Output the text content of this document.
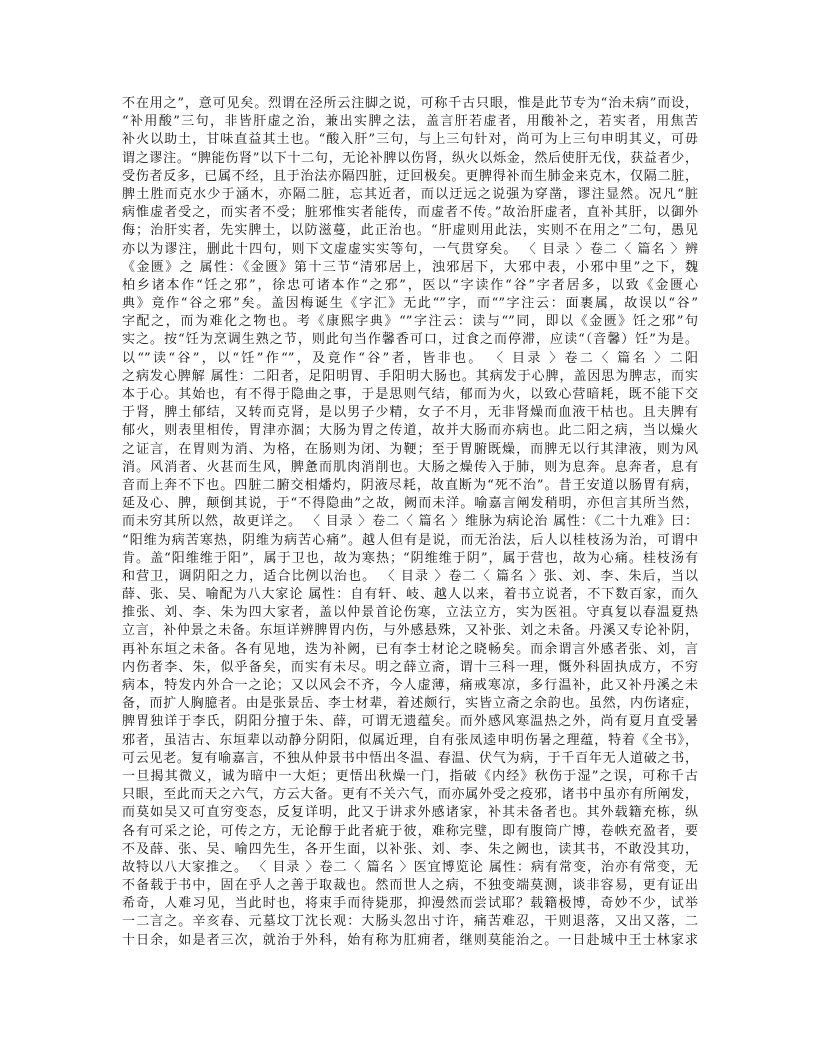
不在用之”，意可见矣。烈谓在泾所云注脚之说，可称千古只眼，惟是此节专为“治未病”而设，
“补用酸”三句，非皆肝虚之治，兼出实脾之法，盖言肝若虚者，用酸补之，若实者，用焦苦
补火以助土，甘味直益其土也。“酸入肝”三句，与上三句针对，尚可为上三句申明其义，可毋
谓之谬注。“脾能伤肾”以下十二句，无论补脾以伤肾，纵火以烁金，然后使肝无伐，获益者少，
受伤者反多，已属不经，且于治法亦隔四脏，迂回极矣。更脾得补而生肺金来克木，仅隔二脏，
脾土胜而克水少于涵木，亦隔二脏，忘其近者，而以迂远之说强为穿凿，谬注显然。况凡“脏
病惟虚者受之，而实者不受；脏邪惟实者能传，而虚者不传。”故治肝虚者，直补其肝，以御外
侮；治肝实者，先实脾土，以防滋蔓，此正治也。“肝虚则用此法，实则不在用之”二句，愚见
亦以为谬注，删此十四句，则下文虚虚实实等句，一气贯穿矣。 〈 目录 〉卷二〈 篇名 〉辨
《金匮》之 属性：《金匮》第十三节“清邪居上，浊邪居下，大邪中表，小邪中里”之下，魏
柏乡诸本作“饪之邪”，徐忠可诸本作“之邪”，医以“字读作“谷”字者居多，以致《金匮心
典》竟作“谷之邪”矣。盖因梅诞生《字汇》无此“”字，而“”字注云：面裹属，故误以“谷”
字配之，而为难化之物也。考《康熙字典》“”字注云：读与“”同，即以《金匮》饪之邪”句
实之。按“饪为烹调生熟之节，则此句当作馨香可口，过食之而停滞，应读“（音馨）饪”为是。
以“”读“谷”，以“饪”作“”，及竟作“谷”者，皆非也。 〈 目录 〉卷二〈 篇名 〉二阳
之病发心脾解 属性：二阳者，足阳明胃、手阳明大肠也。其病发于心脾，盖因思为脾志，而实
本于心。其始也，有不得于隐曲之事，于是思则气结，郁而为火，以致心营暗耗，既不能下交
于肾，脾土郁结，又转而克肾，是以男子少精，女子不月，无非肾燥而血液干枯也。且夫脾有
郁火，则表里相传，胃津亦涸；大肠为胃之传道，故并大肠而亦病也。此二阳之病，当以燥火
之证言，在胃则为消、为格，在肠则为闭、为鞕；至于胃腑既燥，而脾无以行其津液，则为风
消。风消者、火甚而生风，脾惫而肌肉消削也。大肠之燥传入于肺，则为息奔。息奔者，息有
音而上奔不下也。四脏二腑交相燔灼，阴液尽耗，故直断为“死不治”。昔王安道以肠胃有病，
延及心、脾，颠倒其说，于“不得隐曲”之故，阙而未洋。喻嘉言阐发稍明，亦但言其所当然，
而未穷其所以然，故更详之。 〈 目录 〉卷二〈 篇名 〉维脉为病论治 属性：《二十九难》曰：
“阳维为病苦寒热，阴维为病苦心痛”。越人但有是说，而无治法，后人以桂枝汤为治，可谓中
肯。盖“阳维维于阳”，属于卫也，故为寒热；“阴维维于阴”，属于营也，故为心痛。桂枝汤有
和营卫，调阴阳之力，适合比例以治也。 〈 目录 〉卷二〈 篇名 〉张、刘、李、朱后，当以
薛、张、吴、喻配为八大家论 属性：自有轩、岐、越人以来，着书立说者，不下数百家，而久
推张、刘、李、朱为四大家者，盖以仲景首论伤寒，立法立方，实为医祖。守真复以春温夏热
立言，补仲景之未备。东垣详辨脾胃内伤，与外感悬殊，又补张、刘之未备。丹溪又专论补阴，
再补东垣之未备。各有见地，迭为补阙，已有李士材论之晓畅矣。而余谓言外感者张、刘，言
内伤者李、朱，似乎备矣，而实有未尽。明之薛立斋，谓十三科一理，慨外科固执成方，不穷
病本，特发内外合一之论；又以风会不齐，今人虚薄，痛戒寒凉，多行温补，此又补丹溪之未
备，而扩人胸臆者。由是张景岳、李士材辈，着述颇行，实皆立斋之余韵也。虽然，内伤诸症，
脾胃独详于李氏，阴阳分擅于朱、薛，可谓无遗蕴矣。而外感风寒温热之外，尚有夏月直受暑
邪者，虽洁古、东垣辈以动静分阴阳，似属近理，自有张凤逵申明伤暑之理蕴，特着《全书》，
可云见老。复有喻嘉言，不独从仲景书中悟出冬温、春温、伏气为病，于千百年无人道破之书，
一旦揭其微义，诚为暗中一大炬；更悟出秋燥一门，指破《内经》秋伤于湿”之误，可称千古
只眼，至此而天之六气，方云大备。更有不关六气，而亦属外受之疫邪，诸书中虽亦有所阐发，
而莫如吴又可直穷变态，反复详明，此又于讲求外感诸家，补其未备者也。其外载籍充栋，纵
各有可采之论，可传之方，无论醇于此者疵于彼，难称完璧，即有腹筒广博，卷帙充盈者，要
不及薛、张、吴、喻四先生，各开生面，以补张、刘、李、朱之阙也，读其书，不敢没其功，
故特以八大家推之。 〈 目录 〉卷二〈 篇名 〉医宜博览论 属性：病有常变，治亦有常变，无
不备载于书中，固在乎人之善于取裁也。然而世人之病，不独变端莫测，谈非容易，更有证出
希奇，人难习见，当此时也，将束手而待毙那，抑漫然而尝试耶？载籍极博，奇妙不少，试举
一二言之。辛亥春、元墓坟丁沈长观：大肠头忽出寸许，痛苦难忍，干则退落，又出又落，二
十日余，如是者三次，就治于外科，始有称为肛痈者，继则莫能治之。一日赴城中王士林家求
